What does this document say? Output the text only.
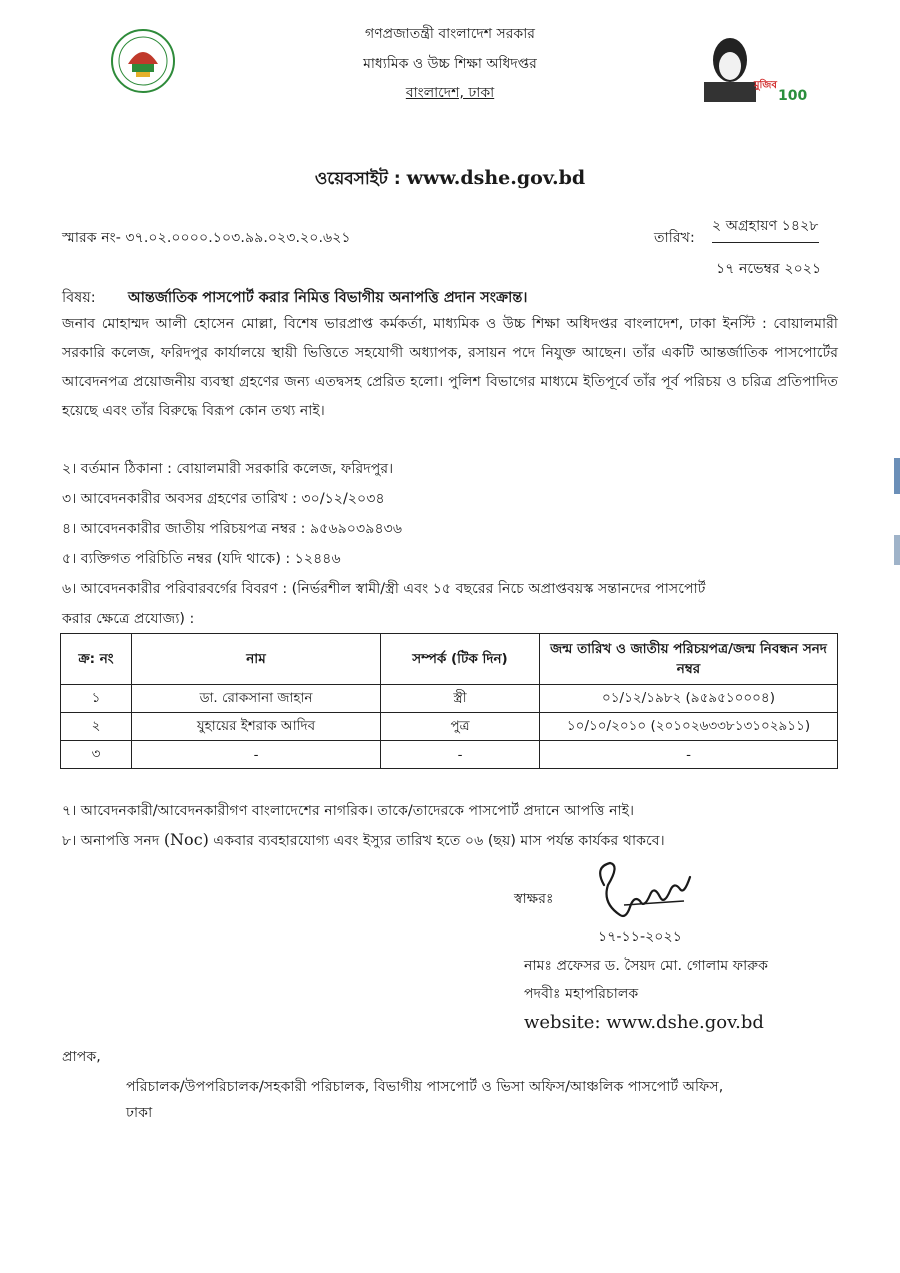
মুজিব
100
গণপ্রজাতন্ত্রী বাংলাদেশ সরকার
মাধ্যমিক ও উচ্চ শিক্ষা অধিদপ্তর
বাংলাদেশ, ঢাকা
ওয়েবসাইট : www.dshe.gov.bd
স্মারক নং- ৩৭.০২.০০০০.১০৩.৯৯.০২৩.২০.৬২১	তারিখ:
২ অগ্রহায়ণ ১৪২৮
১৭ নভেম্বর ২০২১
বিষয়: আন্তর্জাতিক পাসপোর্ট করার নিমিত্ত বিভাগীয় অনাপত্তি প্রদান সংক্রান্ত।
জনাব মোহাম্মদ আলী হোসেন মোল্লা, বিশেষ ভারপ্রাপ্ত কর্মকর্তা, মাধ্যমিক ও উচ্চ শিক্ষা অধিদপ্তর বাংলাদেশ, ঢাকা ইনস্টি : বোয়ালমারী সরকারি কলেজ, ফরিদপুর কার্যালয়ে স্থায়ী ভিত্তিতে সহযোগী অধ্যাপক, রসায়ন পদে নিযুক্ত আছেন। তাঁর একটি আন্তর্জাতিক পাসপোর্টের আবেদনপত্র প্রয়োজনীয় ব্যবস্থা গ্রহণের জন্য এতদ্বসহ প্রেরিত হলো। পুলিশ বিভাগের মাধ্যমে ইতিপূর্বে তাঁর পূর্ব পরিচয় ও চরিত্র প্রতিপাদিত হয়েছে এবং তাঁর বিরুদ্ধে বিরূপ কোন তথ্য নাই।
২। বর্তমান ঠিকানা : বোয়ালমারী সরকারি কলেজ, ফরিদপুর।
৩। আবেদনকারীর অবসর গ্রহণের তারিখ : ৩০/১২/২০৩৪
৪। আবেদনকারীর জাতীয় পরিচয়পত্র নম্বর : ৯৫৬৯০৩৯৪৩৬
৫। ব্যক্তিগত পরিচিতি নম্বর (যদি থাকে) : ১২৪৪৬
৬। আবেদনকারীর পরিবারবর্গের বিবরণ : (নির্ভরশীল স্বামী/স্ত্রী এবং ১৫ বছরের নিচে অপ্রাপ্তবয়স্ক সন্তানদের পাসপোর্ট
করার ক্ষেত্রে প্রযোজ্য) :
ক্র: নং	নাম	সম্পর্ক (টিক দিন)	জন্ম তারিখ ও জাতীয় পরিচয়পত্র/জন্ম নিবন্ধন সনদ নম্বর
১	ডা. রোকসানা জাহান	স্ত্রী	০১/১২/১৯৮২ (৯৫৯৫১০০০৪)
২	যুহায়ের ইশরাক আদিব	পুত্র	১০/১০/২০১০ (২০১০২৬৩৩৮১৩১০২৯১১)
৩	-	-	-
৭। আবেদনকারী/আবেদনকারীগণ বাংলাদেশের নাগরিক। তাকে/তাদেরকে পাসপোর্ট প্রদানে আপত্তি নাই।
৮। অনাপত্তি সনদ (Noc) একবার ব্যবহারযোগ্য এবং ইস্যুর তারিখ হতে ০৬ (ছয়) মাস পর্যন্ত কার্যকর থাকবে।
স্বাক্ষরঃ
১৭-১১-২০২১
নামঃ প্রফেসর ড. সৈয়দ মো. গোলাম ফারুক
পদবীঃ মহাপরিচালক
website: www.dshe.gov.bd
প্রাপক,
পরিচালক/উপপরিচালক/সহকারী পরিচালক, বিভাগীয় পাসপোর্ট ও ভিসা অফিস/আঞ্চলিক পাসপোর্ট অফিস,
ঢাকা
